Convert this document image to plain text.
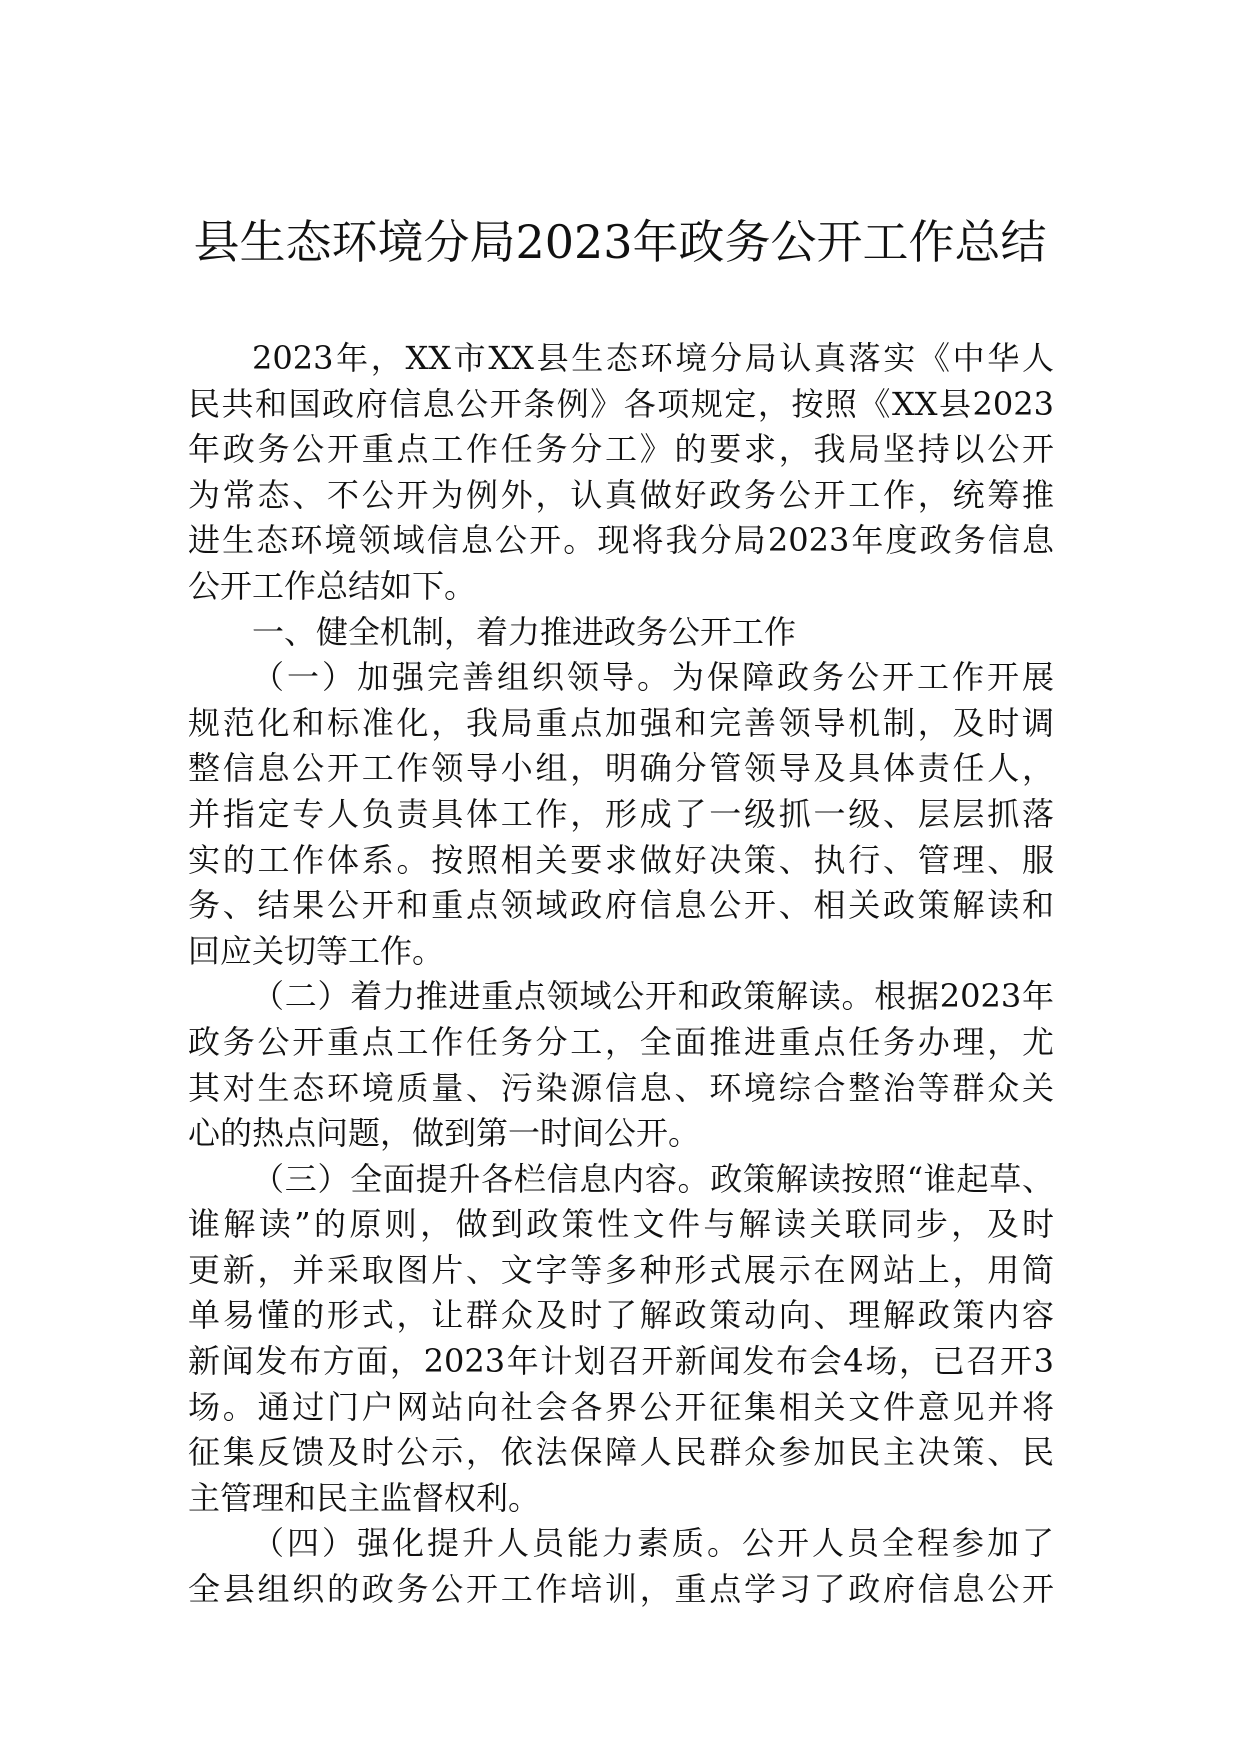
县生态环境分局2023年政务公开工作总结
2023年，XX市XX县生态环境分局认真落实《中华人
民共和国政府信息公开条例》各项规定，按照《XX县2023
年政务公开重点工作任务分工》的要求，我局坚持以公开
为常态、不公开为例外，认真做好政务公开工作，统筹推
进生态环境领域信息公开。现将我分局2023年度政务信息
公开工作总结如下。
一、健全机制，着力推进政务公开工作
（一）加强完善组织领导。为保障政务公开工作开展
规范化和标准化，我局重点加强和完善领导机制，及时调
整信息公开工作领导小组，明确分管领导及具体责任人，
并指定专人负责具体工作，形成了一级抓一级、层层抓落
实的工作体系。按照相关要求做好决策、执行、管理、服
务、结果公开和重点领域政府信息公开、相关政策解读和
回应关切等工作。
（二）着力推进重点领域公开和政策解读。根据2023年
政务公开重点工作任务分工，全面推进重点任务办理，尤
其对生态环境质量、污染源信息、环境综合整治等群众关
心的热点问题，做到第一时间公开。
（三）全面提升各栏信息内容。政策解读按照“谁起草、
谁解读”的原则，做到政策性文件与解读关联同步，及时
更新，并采取图片、文字等多种形式展示在网站上，用简
单易懂的形式，让群众及时了解政策动向、理解政策内容
新闻发布方面，2023年计划召开新闻发布会4场，已召开3
场。通过门户网站向社会各界公开征集相关文件意见并将
征集反馈及时公示，依法保障人民群众参加民主决策、民
主管理和民主监督权利。
（四）强化提升人员能力素质。公开人员全程参加了
全县组织的政务公开工作培训，重点学习了政府信息公开
